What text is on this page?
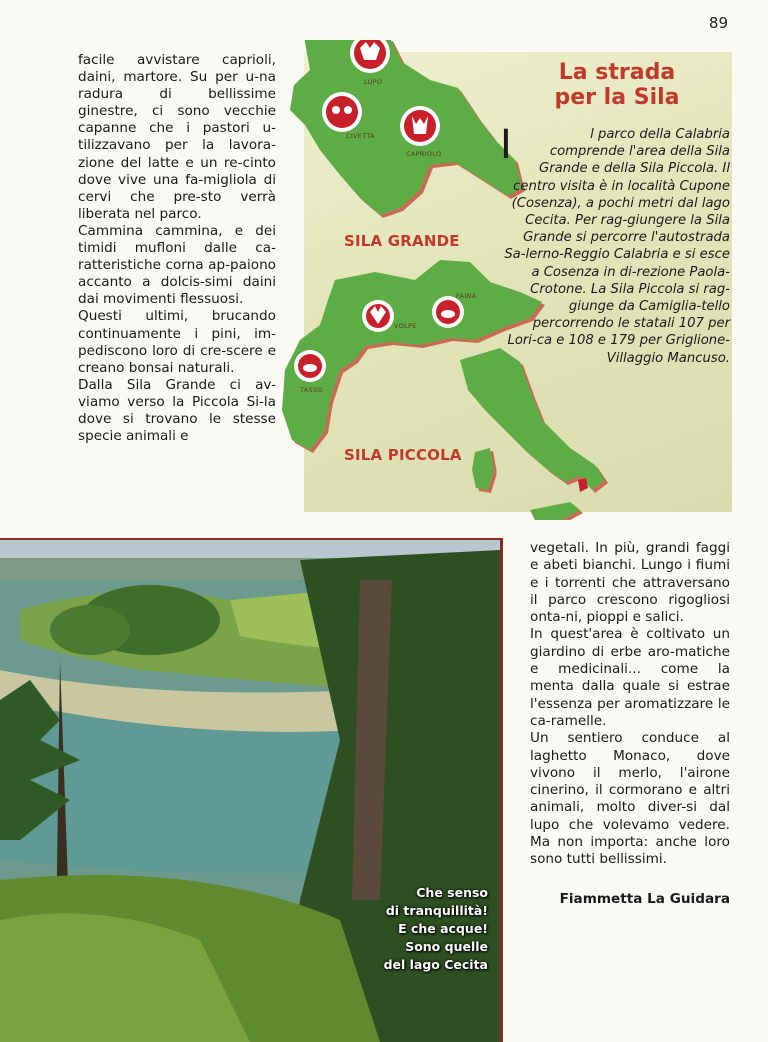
89

facile avvistare caprioli, daini, martore. Su per u-na radura di bellissime ginestre, ci sono vecchie capanne che i pastori u-tilizzavano per la lavora-zione del latte e un re-cinto dove vive una fa-migliola di cervi che pre-sto verrà liberata nel parco.

Cammina cammina, e dei timidi mufloni dalle ca-ratteristiche corna ap-paiono accanto a dolcis-simi daini dai movimenti flessuosi.

Questi ultimi, brucando continuamente i pini, im-pediscono loro di cre-scere e creano bonsai naturali.

Dalla Sila Grande ci av-viamo verso la Piccola Si-la dove si trovano le stesse specie animali e

LUPO
CIVETTA
CAPRIOLO
FAINA
VOLPE
TASSO
SILA GRANDE
SILA PICCOLA
La strada per la Sila
I	l parco della Calabria comprende l'area della Sila Grande e della Sila Piccola. Il centro visita è in località Cupone (Cosenza), a pochi metri dal lago Cecita. Per rag-giungere la Sila Grande si percorre l'autostrada Sa-lerno-Reggio Calabria e si esce a Cosenza in di-rezione Paola-Crotone. La Sila Piccola si rag-giunge da Camiglia-tello percorrendo le statali 107 per Lori-ca e 108 e 179 per Griglione-Villaggio Mancuso.
Che senso
di tranquillità!
E che acque!
Sono quelle
del lago Cecita

vegetali. In più, grandi faggi e abeti bianchi. Lungo i fiumi e i torrenti che attraversano il parco crescono rigogliosi onta-ni, pioppi e salici.

In quest'area è coltivato un giardino di erbe aro-matiche e medicinali... come la menta dalla quale si estrae l'essenza per aromatizzare le ca-ramelle.

Un sentiero conduce al laghetto Monaco, dove vivono il merlo, l'airone cinerino, il cormorano e altri animali, molto diver-si dal lupo che volevamo vedere. Ma non importa: anche loro sono tutti bellissimi.

Fiammetta La Guidara
